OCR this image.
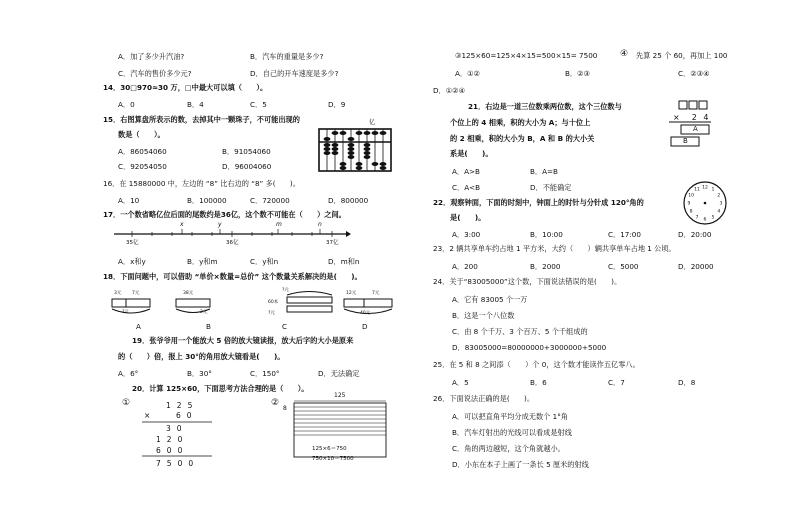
A．加了多少升汽油?	B．汽车的重量是多少?
C．汽车的售价多少元?	D．自己的开车速度是多少?
14．30□970≈30 万，□中最大可以填（　　）。
A．0	B．4	C．5	D．9
15．右图算盘所表示的数，去掉其中一颗珠子，不可能出现的
数是（　　）。
A．86054060	B．91054060
C．92054050	D．96004060
亿
16．在 15880000 中，左边的 “8” 比右边的 “8” 多(　　)。
A．10	B．100000	C．720000	D．800000
17．一个数省略亿位后面的尾数约是36亿，这个数不可能在（　　）之间。
x	y	m	n
35亿	36亿	37亿
A．x和y	B．y和m	C．y和n	D．m和n
18．下面问题中，可以借助 “单价×数量=总价” 这个数量关系解决的是(　　)。
3元 7元
?元
38元
2元
?元
60本
?元
12元	7元
40元
A	B	C	D
19．张爷爷用一个能放大 5 倍的放大镜读报，放大后字的大小是原来
的（　　）倍，报上 30°的角用放大镜看是(　　)。
A．6°	B．30°	C．150°	D．无法确定
20．计算 125×60，下面思考方法合理的是（　　）。
①	②
125
×	60
30
120
600
7500
125
8
125×6＝750
750×10＝7500
③125×60=125×4×15=500×15= 7500	④ 先算 25 个 60，再加上 100
A．①②	B．②③	C．②③④
D．①②④
21．右边是一道三位数乘两位数，这个三位数与
个位上的 4 相乘，积的大小为 A；与十位上
的 2 相乘，积的大小为 B，A 和 B 的大小关
系是(　　)。
A．A>B	B．A=B
C．A<B	D．不能确定
×　2 4
A
B
22．观察钟面，下面的时刻中，钟面上的时针与分针成 120°角的
是(　　)。
A．3:00	B．10:00	C．17:00	D．20:00
12 1
2
3
4
5
6
7
8
9
10
11
23．2 辆共享单车约占地 1 平方米，大约（　　）辆共享单车占地 1 公顷。
A．200	B．2000	C．5000	D．20000
24．关于“83005000”这个数，下面说法错误的是(　　)。
A．它有 83005 个一万
B．这是一个八位数
C．由 8 个千万、3 个百万、5 个千组成的
D．83005000=80000000+3000000+5000
25．在 5 和 8 之间添（　　）个 0，这个数才能读作五亿零八。
A．5	B．6	C．7	D．8
26．下面说法正确的是(　　)。
A．可以把直角平均分成无数个 1°角
B．汽车灯射出的光线可以看成是射线
C．角的两边越短，这个角就越小。
D．小东在本子上画了一条长 5 厘米的射线
